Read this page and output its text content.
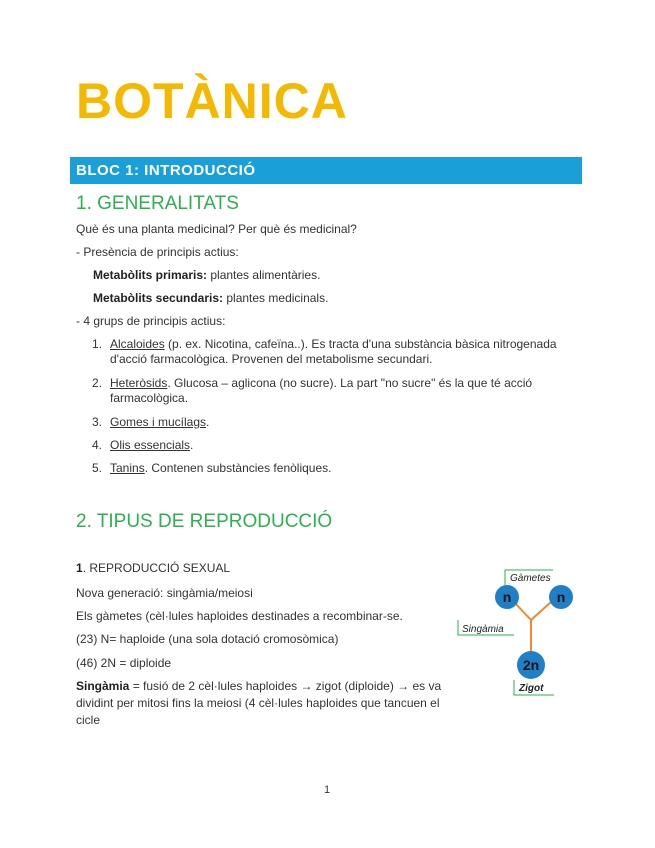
BOTÀNICA
BLOC 1: INTRODUCCIÓ
1. GENERALITATS
Què és una planta medicinal? Per què és medicinal?
- Presència de principis actius:
Metabòlits primaris: plantes alimentàries.
Metabòlits secundaris: plantes medicinals.
- 4 grups de principis actius:
1. Alcaloides (p. ex. Nicotina, cafeïna..). Es tracta d'una substància bàsica nitrogenada
d'acció farmacològica. Provenen del metabolisme secundari.
2. Heteròsids. Glucosa – aglicona (no sucre). La part "no sucre" és la que té acció
farmacològica.
3. Gomes i mucílags.
4. Olis essencials.
5. Tanins. Contenen substàncies fenòliques.
2. TIPUS DE REPRODUCCIÓ
1. REPRODUCCIÓ SEXUAL
Nova generació: singàmia/meiosi
Els gàmetes (cèl·lules haploides destinades a recombinar-se.
(23) N= haploide (una sola dotació cromosòmica)
(46) 2N = diploide
Singàmia = fusió de 2 cèl·lules haploides → zigot (diploide) → es va
dividint per mitosi fins la meiosi (4 cèl·lules haploides que tancuen el
cicle
Gàmetes
Singàmia
Zigot
n	n
2n
1
